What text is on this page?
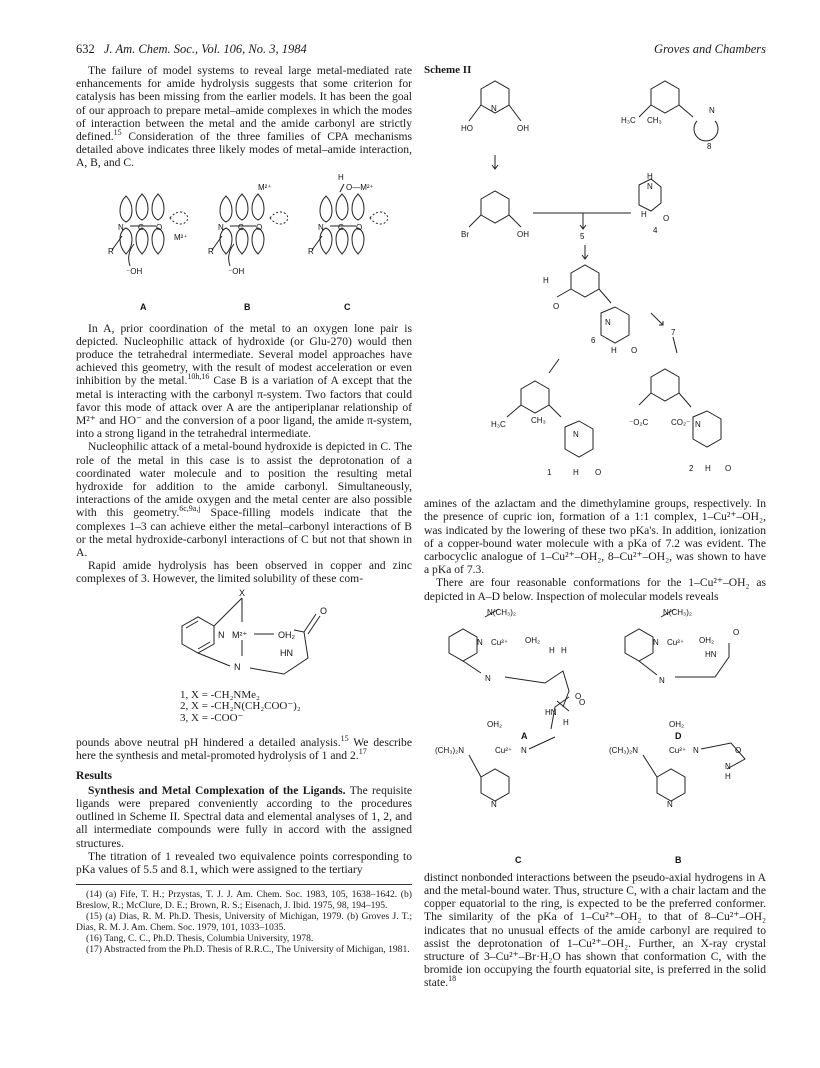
632 J. Am. Chem. Soc., Vol. 106, No. 3, 1984	Groves and Chambers

The failure of model systems to reveal large metal-mediated rate enhancements for amide hydrolysis suggests that some criterion for catalysis has been missing from the earlier models. It has been the goal of our approach to prepare metal–amide complexes in which the modes of interaction between the metal and the amide carbonyl are strictly defined.$^{15}$ Consideration of the three families of CPA mechanisms detailed above indicates three likely modes of metal–amide interaction, A, B, and C.

N C O
R
M²⁺
⁻OH
N C O
R
M²⁺
⁻OH
N C O
R
H
O—M²⁺
A	B	C

In A, prior coordination of the metal to an oxygen lone pair is depicted. Nucleophilic attack of hydroxide (or Glu-270) would then produce the tetrahedral intermediate. Several model approaches have achieved this geometry, with the result of modest acceleration or even inhibition by the metal.$^{10h,16}$ Case B is a variation of A except that the metal is interacting with the carbonyl π-system. Two factors that could favor this mode of attack over A are the antiperiplanar relationship of M²⁺ and HO⁻ and the conversion of a poor ligand, the amide π-system, into a strong ligand in the tetrahedral intermediate.

Nucleophilic attack of a metal-bound hydroxide is depicted in C. The role of the metal in this case is to assist the deprotonation of a coordinated water molecule and to position the resulting metal hydroxide for addition to the amide carbonyl. Simultaneously, interactions of the amide oxygen and the metal center are also possible with this geometry.$^{6c,9a,j}$ Space-filling models indicate that the complexes 1–3 can achieve either the metal–carbonyl interactions of B or the metal hydroxide-carbonyl interactions of C but not that shown in A.

Rapid amide hydrolysis has been observed in copper and zinc complexes of 3. However, the limited solubility of these com-

X
N M²⁺	OH₂
HN
O
N
1, X = -CH₂NMe₂
2, X = -CH₂N(CH₂COO⁻)₂
3, X = -COO⁻

pounds above neutral pH hindered a detailed analysis.$^{15}$ We describe here the synthesis and metal-promoted hydrolysis of 1 and 2.17

Results

Synthesis and Metal Complexation of the Ligands. The requisite ligands were prepared conveniently according to the procedures outlined in Scheme II. Spectral data and elemental analyses of 1, 2, and all intermediate compounds were fully in accord with the assigned structures.

The titration of 1 revealed two equivalence points corresponding to pKa values of 5.5 and 8.1, which were assigned to the tertiary

(14) (a) Fife, T. H.; Przystas, T. J. J. Am. Chem. Soc. 1983, 105, 1638–1642. (b) Breslow, R.; McClure, D. E.; Brown, R. S.; Eisenach, J. Ibid. 1975, 98, 194–195.

(15) (a) Dias, R. M. Ph.D. Thesis, University of Michigan, 1979. (b) Groves J. T.; Dias, R. M. J. Am. Chem. Soc. 1979, 101, 1033–1035.

(16) Tang, C. C., Ph.D. Thesis, Columbia University, 1978.

(17) Abstracted from the Ph.D. Thesis of R.R.C., The University of Michigan, 1981.

Scheme II

HO	OH
N
H₃C CH₃
N
8
Br	OH	5
H
N
H O
4
H
O
N
6
H O
7
H₃C	CH₃
N
1	H O
⁻O₂C	CO₂⁻ N
2 H O

amines of the azlactam and the dimethylamine groups, respectively. In the presence of cupric ion, formation of a 1:1 complex, 1–Cu²⁺–OH₂, was indicated by the lowering of these two pKa's. In addition, ionization of a copper-bound water molecule with a pKa of 7.2 was evident. The carbocyclic analogue of 1–Cu²⁺–OH₂, 8–Cu²⁺–OH₂, was shown to have a pKa of 7.3.

There are four reasonable conformations for the 1–Cu²⁺–OH₂ as depicted in A–D below. Inspection of molecular models reveals

N(CH₃)₂
N Cu²⁺ OH₂
H H
N
H
O
N(CH₃)₂
N Cu²⁺ OH₂
HN
N
O
OH₂
HN
O
(CH₃)₂N	Cu²⁺ N
N
OH₂
(CH₃)₂N	Cu²⁺ N	O
N
H
N
A	D
C	B

distinct nonbonded interactions between the pseudo-axial hydrogens in A and the metal-bound water. Thus, structure C, with a chair lactam and the copper equatorial to the ring, is expected to be the preferred conformer. The similarity of the pKa of 1–Cu²⁺–OH₂ to that of 8–Cu²⁺–OH₂ indicates that no unusual effects of the amide carbonyl are required to assist the deprotonation of 1–Cu²⁺–OH₂. Further, an X-ray crystal structure of 3–Cu²⁺–Br·H₂O has shown that conformation C, with the bromide ion occupying the fourth equatorial site, is preferred in the solid state.$^{18}$
